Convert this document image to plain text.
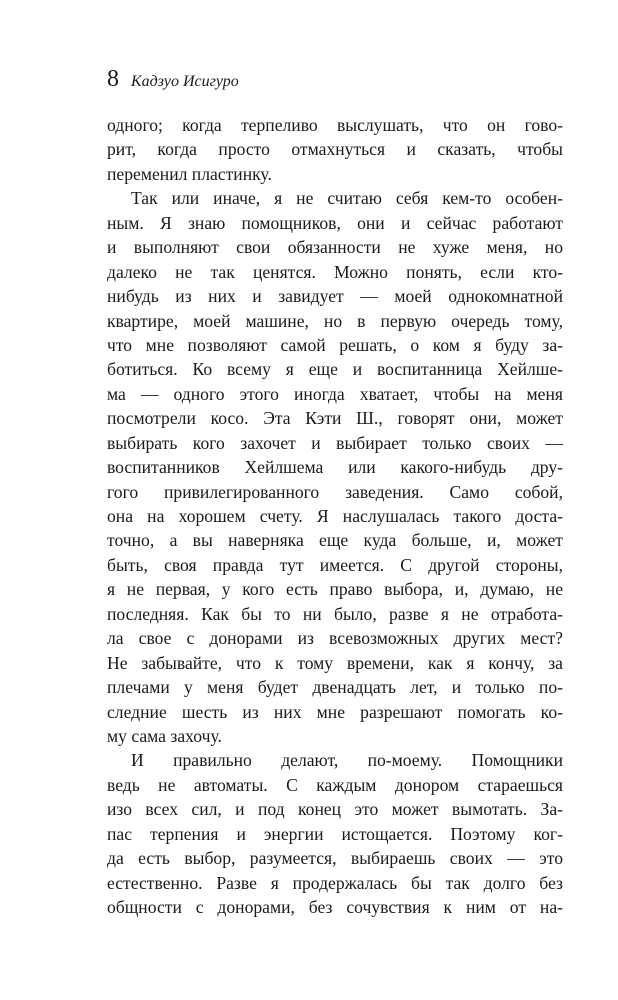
8 Кадзуо Исигуро
одного; когда терпеливо выслушать, что он гово-
рит, когда просто отмахнуться и сказать, чтобы
переменил пластинку.
Так или иначе, я не считаю себя кем-то особен-
ным. Я знаю помощников, они и сейчас работают
и выполняют свои обязанности не хуже меня, но
далеко не так ценятся. Можно понять, если кто-
нибудь из них и завидует — моей однокомнатной
квартире, моей машине, но в первую очередь тому,
что мне позволяют самой решать, о ком я буду за-
ботиться. Ко всему я еще и воспитанница Хейлше-
ма — одного этого иногда хватает, чтобы на меня
посмотрели косо. Эта Кэти Ш., говорят они, может
выбирать кого захочет и выбирает только своих —
воспитанников Хейлшема или какого-нибудь дру-
гого привилегированного заведения. Само собой,
она на хорошем счету. Я наслушалась такого доста-
точно, а вы наверняка еще куда больше, и, может
быть, своя правда тут имеется. С другой стороны,
я не первая, у кого есть право выбора, и, думаю, не
последняя. Как бы то ни было, разве я не отработа-
ла свое с донорами из всевозможных других мест?
Не забывайте, что к тому времени, как я кончу, за
плечами у меня будет двенадцать лет, и только по-
следние шесть из них мне разрешают помогать ко-
му сама захочу.
И правильно делают, по-моему. Помощники
ведь не автоматы. С каждым донором стараешься
изо всех сил, и под конец это может вымотать. За-
пас терпения и энергии истощается. Поэтому ког-
да есть выбор, разумеется, выбираешь своих — это
естественно. Разве я продержалась бы так долго без
общности с донорами, без сочувствия к ним от на-
